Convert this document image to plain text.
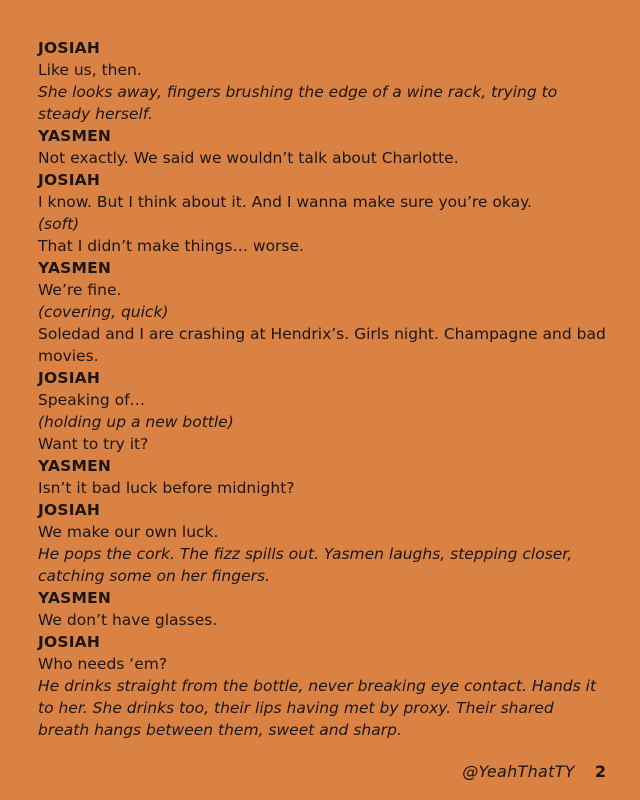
JOSIAH

Like us, then.

She looks away, fingers brushing the edge of a wine rack, trying to steady herself.

YASMEN

Not exactly. We said we wouldn’t talk about Charlotte.

JOSIAH

I know. But I think about it. And I wanna make sure you’re okay.

(soft)

That I didn’t make things… worse.

YASMEN

We’re fine.

(covering, quick)

Soledad and I are crashing at Hendrix’s. Girls night. Champagne and bad movies.

JOSIAH

Speaking of…

(holding up a new bottle)

Want to try it?

YASMEN

Isn’t it bad luck before midnight?

JOSIAH

We make our own luck.

He pops the cork. The fizz spills out. Yasmen laughs, stepping closer, catching some on her fingers.

YASMEN

We don’t have glasses.

JOSIAH

Who needs ‘em?

He drinks straight from the bottle, never breaking eye contact. Hands it to her. She drinks too, their lips having met by proxy. Their shared breath hangs between them, sweet and sharp.

@YeahThatTY 2
